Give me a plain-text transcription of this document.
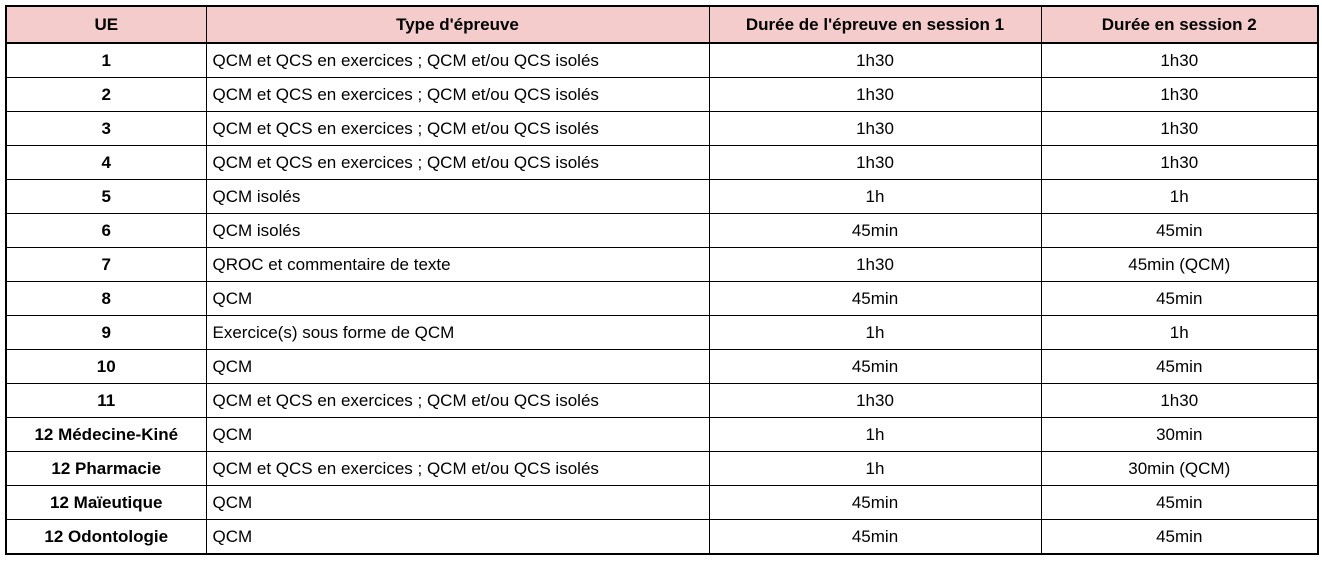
UE	Type d'épreuve	Durée de l'épreuve en session 1	Durée en session 2
1	QCM et QCS en exercices ; QCM et/ou QCS isolés	1h30	1h30
2	QCM et QCS en exercices ; QCM et/ou QCS isolés	1h30	1h30
3	QCM et QCS en exercices ; QCM et/ou QCS isolés	1h30	1h30
4	QCM et QCS en exercices ; QCM et/ou QCS isolés	1h30	1h30
5	QCM isolés	1h	1h
6	QCM isolés	45min	45min
7	QROC et commentaire de texte	1h30	45min (QCM)
8	QCM	45min	45min
9	Exercice(s) sous forme de QCM	1h	1h
10	QCM	45min	45min
11	QCM et QCS en exercices ; QCM et/ou QCS isolés	1h30	1h30
12 Médecine-Kiné	QCM	1h	30min
12 Pharmacie	QCM et QCS en exercices ; QCM et/ou QCS isolés	1h	30min (QCM)
12 Maïeutique	QCM	45min	45min
12 Odontologie	QCM	45min	45min
